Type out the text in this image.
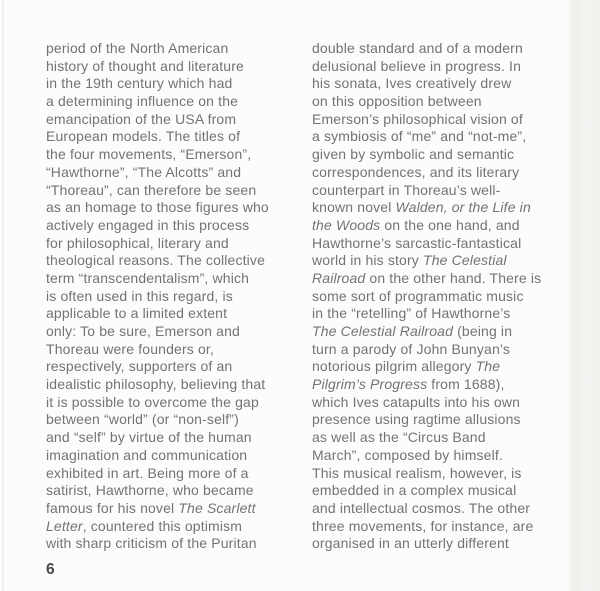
period of the North American
history of thought and literature
in the 19th century which had
a determining influence on the
emancipation of the USA from
European models. The titles of
the four movements, “Emerson”,
“Hawthorne”, “The Alcotts” and
“Thoreau”, can therefore be seen
as an homage to those figures who
actively engaged in this process
for philosophical, literary and
theological reasons. The collective
term “transcendentalism”, which
is often used in this regard, is
applicable to a limited extent
only: To be sure, Emerson and
Thoreau were founders or,
respectively, supporters of an
idealistic philosophy, believing that
it is possible to overcome the gap
between “world” (or “non-self”)
and “self” by virtue of the human
imagination and communication
exhibited in art. Being more of a
satirist, Hawthorne, who became
famous for his novel The Scarlett
Letter, countered this optimism
with sharp criticism of the Puritan
double standard and of a modern
delusional believe in progress. In
his sonata, Ives creatively drew
on this opposition between
Emerson’s philosophical vision of
a symbiosis of “me” and “not-me”,
given by symbolic and semantic
correspondences, and its literary
counterpart in Thoreau’s well-
known novel Walden, or the Life in
the Woods on the one hand, and
Hawthorne’s sarcastic-fantastical
world in his story The Celestial
Railroad on the other hand. There is
some sort of programmatic music
in the “retelling” of Hawthorne’s
The Celestial Railroad (being in
turn a parody of John Bunyan’s
notorious pilgrim allegory The
Pilgrim’s Progress from 1688),
which Ives catapults into his own
presence using ragtime allusions
as well as the “Circus Band
March”, composed by himself.
This musical realism, however, is
embedded in a complex musical
and intellectual cosmos. The other
three movements, for instance, are
organised in an utterly different
6
